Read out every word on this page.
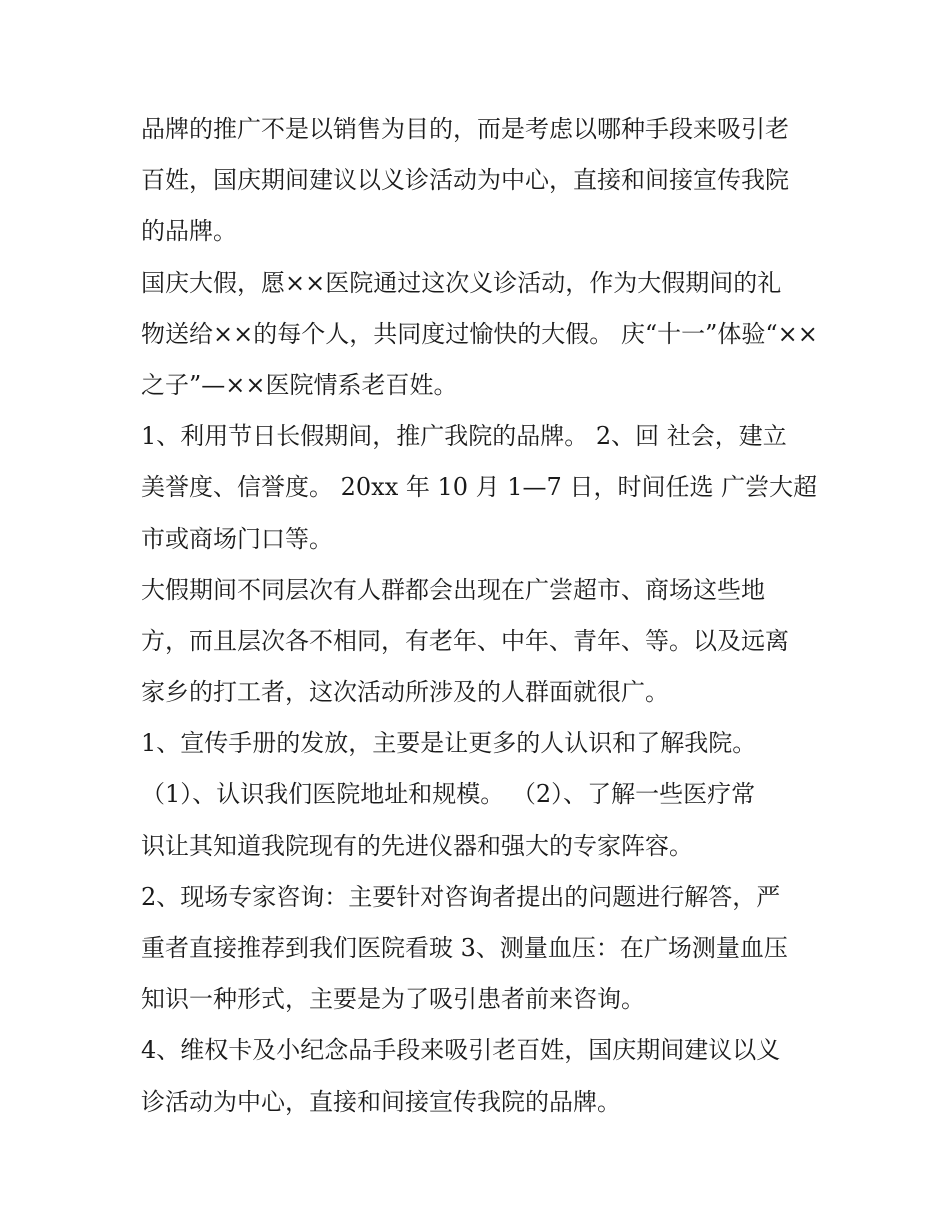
品牌的推广不是以销售为目的，而是考虑以哪种手段来吸引老
百姓，国庆期间建议以义诊活动为中心，直接和间接宣传我院
的品牌。
国庆大假，愿××医院通过这次义诊活动，作为大假期间的礼
物送给××的每个人，共同度过愉快的大假。 庆“十一”体验“××
之子”—××医院情系老百姓。
1、利用节日长假期间，推广我院的品牌。 2、回 社会，建立
美誉度、信誉度。 20xx 年 10 月 1—7 日，时间任选 广尝大超
市或商场门口等。
大假期间不同层次有人群都会出现在广尝超市、商场这些地
方，而且层次各不相同，有老年、中年、青年、等。以及远离
家乡的打工者，这次活动所涉及的人群面就很广。
1、宣传手册的发放，主要是让更多的人认识和了解我院。
（1）、认识我们医院地址和规模。 （2）、了解一些医疗常
识让其知道我院现有的先进仪器和强大的专家阵容。
2、现场专家咨询：主要针对咨询者提出的问题进行解答，严
重者直接推荐到我们医院看玻 3、测量血压：在广场测量血压
知识一种形式，主要是为了吸引患者前来咨询。
4、维权卡及小纪念品手段来吸引老百姓，国庆期间建议以义
诊活动为中心，直接和间接宣传我院的品牌。
